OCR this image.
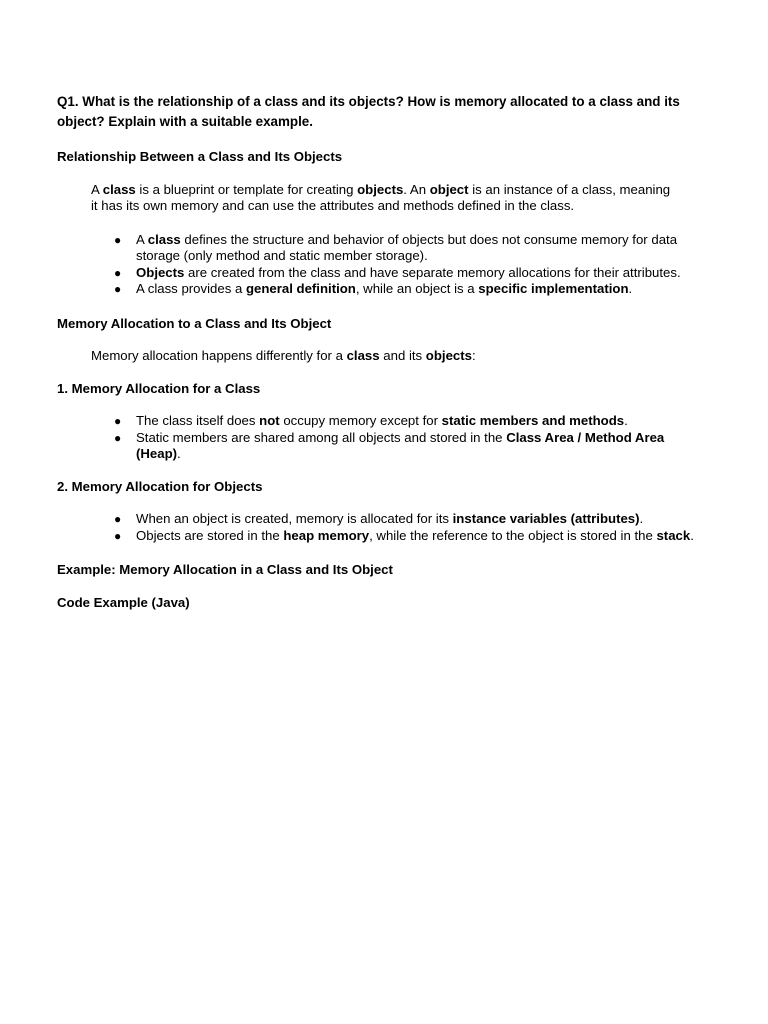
Q1. What is the relationship of a class and its objects? How is memory allocated to a class and its object? Explain with a suitable example.

Relationship Between a Class and Its Objects

A class is a blueprint or template for creating objects. An object is an instance of a class, meaning it has its own memory and can use the attributes and methods defined in the class.

● A class defines the structure and behavior of objects but does not consume memory for data storage (only method and static member storage).
● Objects are created from the class and have separate memory allocations for their attributes.
● A class provides a general definition, while an object is a specific implementation.

Memory Allocation to a Class and Its Object

Memory allocation happens differently for a class and its objects:

1. Memory Allocation for a Class

● The class itself does not occupy memory except for static members and methods.
● Static members are shared among all objects and stored in the Class Area / Method Area (Heap).

2. Memory Allocation for Objects

● When an object is created, memory is allocated for its instance variables (attributes).
● Objects are stored in the heap memory, while the reference to the object is stored in the stack.

Example: Memory Allocation in a Class and Its Object

Code Example (Java)
